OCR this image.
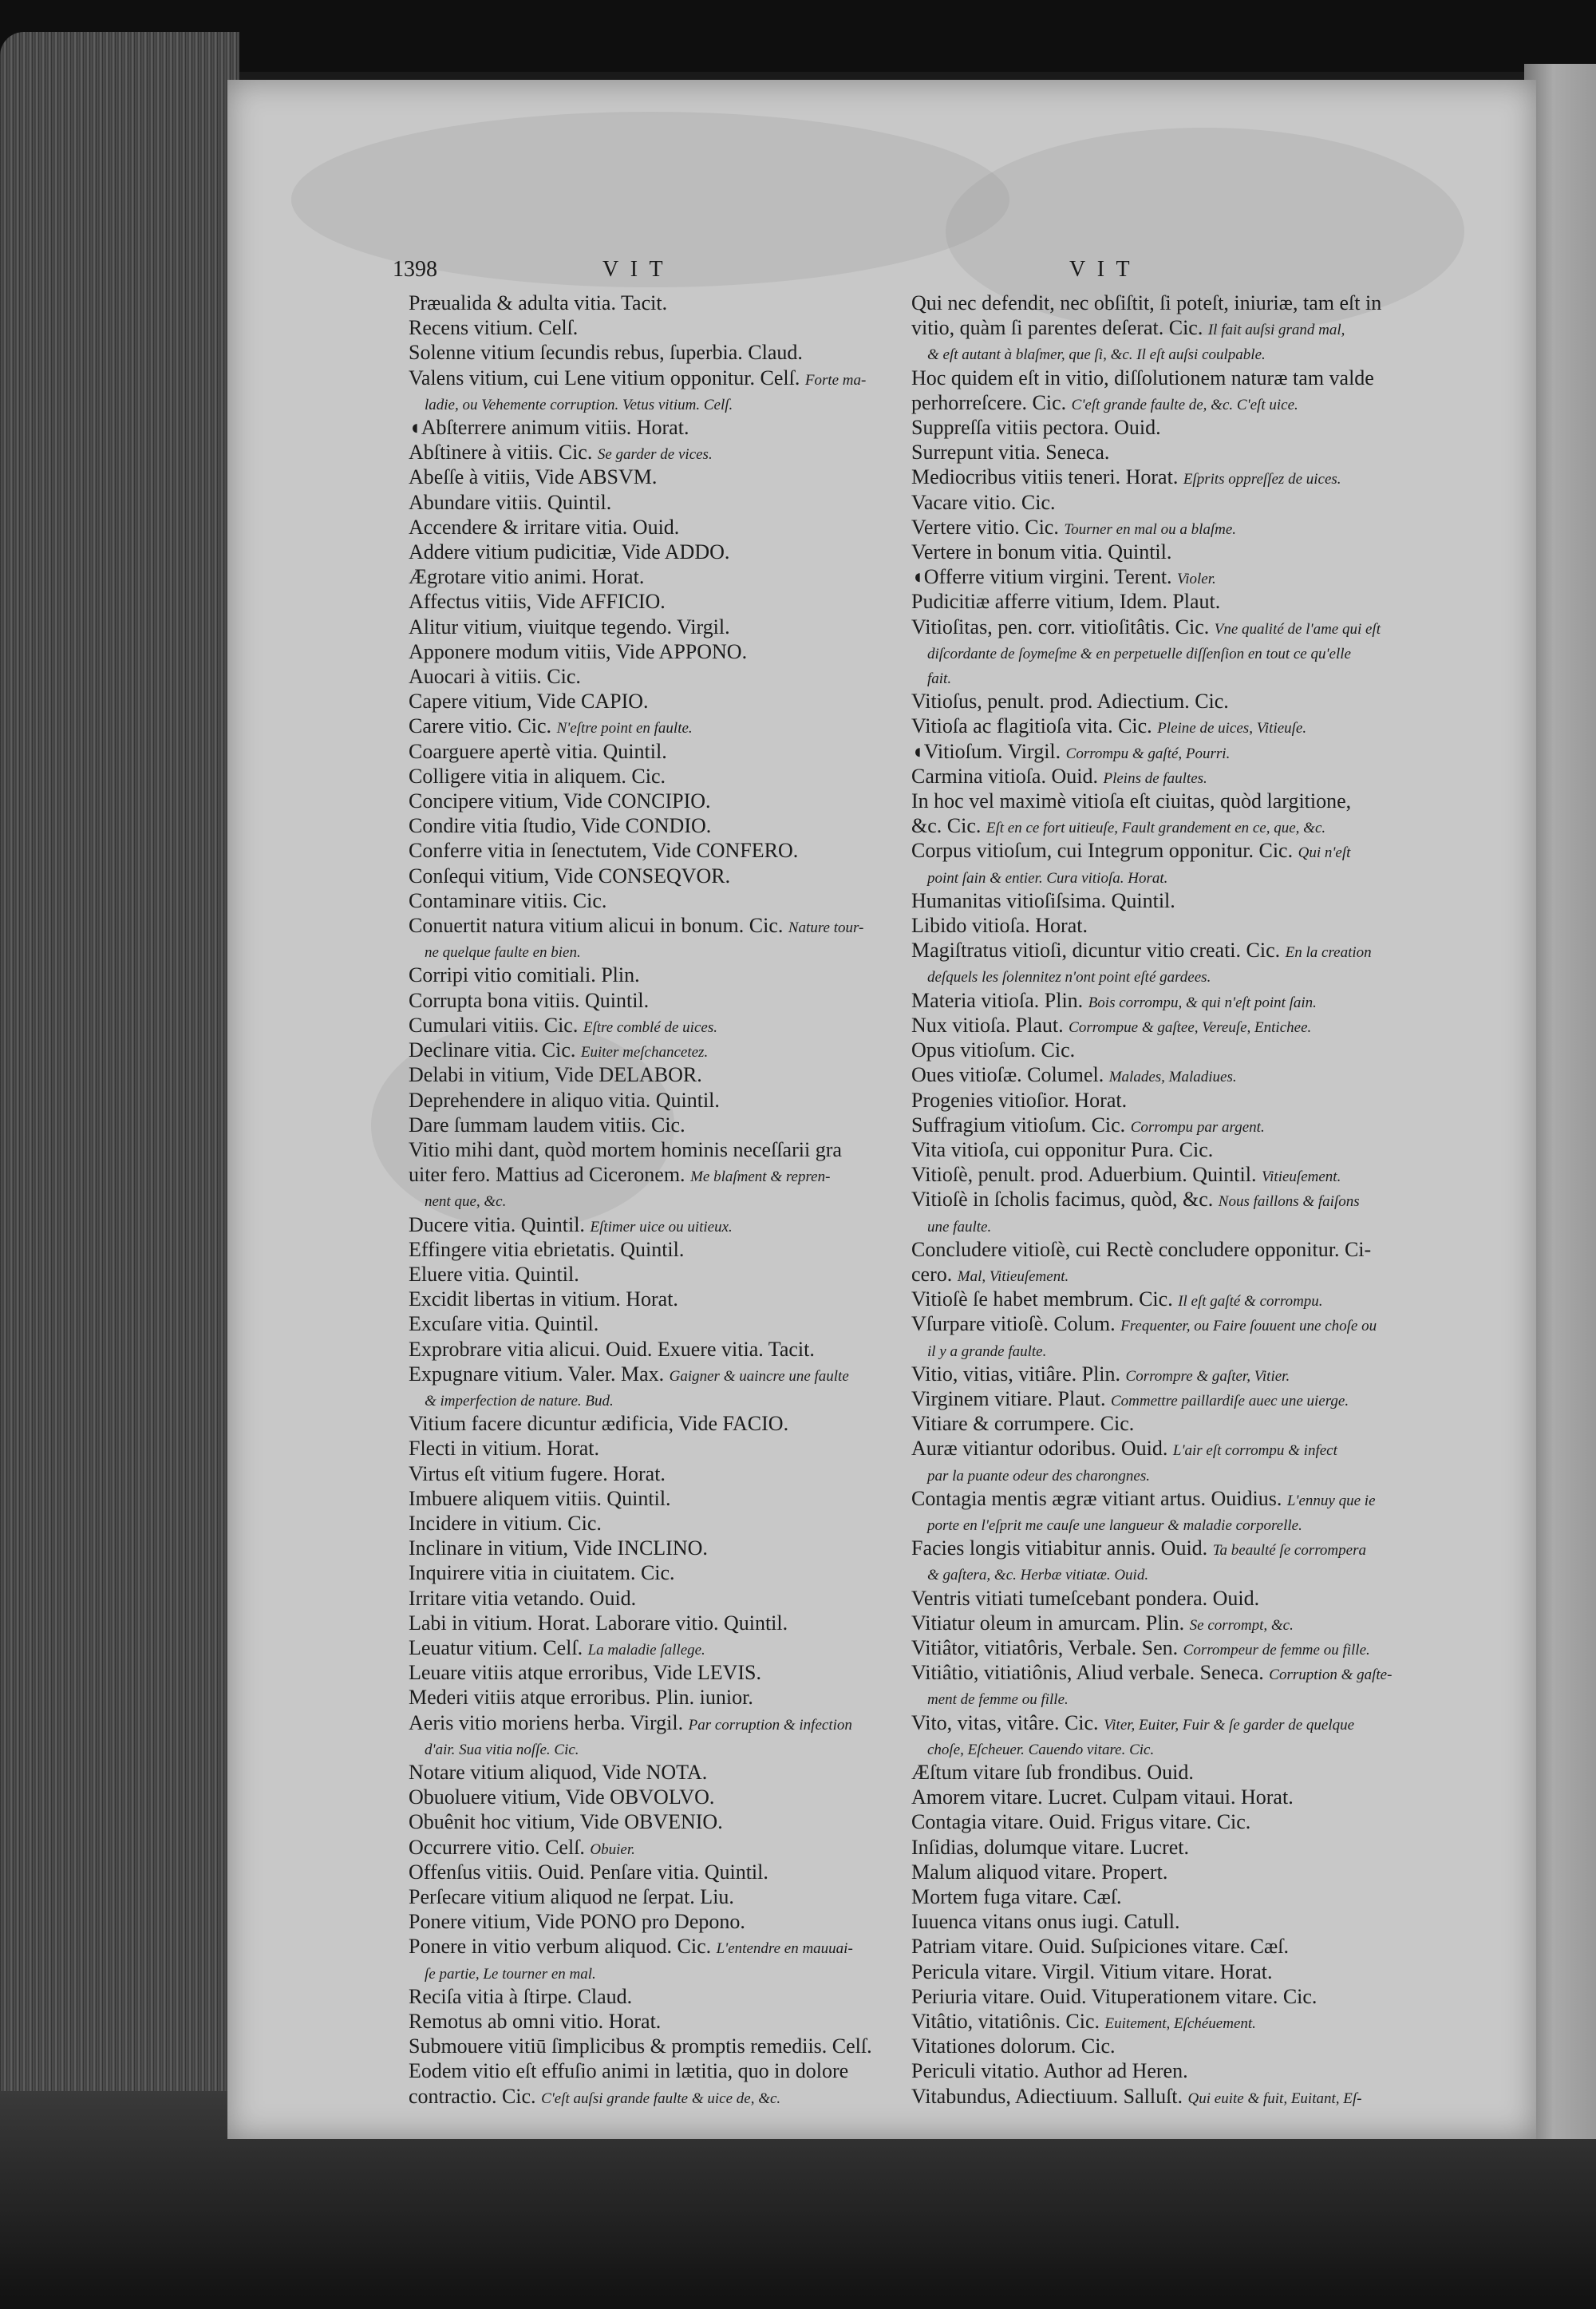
1398	V I T	V I T
Præualida & adulta vitia. Tacit.
Recens vitium. Celſ.
Solenne vitium ſecundis rebus, ſuperbia. Claud.
Valens vitium, cui Lene vitium opponitur. Celſ. Forte ma-
ladie, ou Vehemente corruption. Vetus vitium. Celſ.
◖Abſterrere animum vitiis. Horat.
Abſtinere à vitiis. Cic. Se garder de vices.
Abeſſe à vitiis, Vide ABSVM.
Abundare vitiis. Quintil.
Accendere & irritare vitia. Ouid.
Addere vitium pudicitiæ, Vide ADDO.
Ægrotare vitio animi. Horat.
Affectus vitiis, Vide AFFICIO.
Alitur vitium, viuitque tegendo. Virgil.
Apponere modum vitiis, Vide APPONO.
Auocari à vitiis. Cic.
Capere vitium, Vide CAPIO.
Carere vitio. Cic. N'eſtre point en faulte.
Coarguere apertè vitia. Quintil.
Colligere vitia in aliquem. Cic.
Concipere vitium, Vide CONCIPIO.
Condire vitia ſtudio, Vide CONDIO.
Conferre vitia in ſenectutem, Vide CONFERO.
Conſequi vitium, Vide CONSEQVOR.
Contaminare vitiis. Cic.
Conuertit natura vitium alicui in bonum. Cic. Nature tour-
ne quelque faulte en bien.
Corripi vitio comitiali. Plin.
Corrupta bona vitiis. Quintil.
Cumulari vitiis. Cic. Eſtre comblé de uices.
Declinare vitia. Cic. Euiter meſchancetez.
Delabi in vitium, Vide DELABOR.
Deprehendere in aliquo vitia. Quintil.
Dare ſummam laudem vitiis. Cic.
Vitio mihi dant, quòd mortem hominis neceſſarii gra
uiter fero. Mattius ad Ciceronem. Me blaſment & repren-
nent que, &c.
Ducere vitia. Quintil. Eſtimer uice ou uitieux.
Effingere vitia ebrietatis. Quintil.
Eluere vitia. Quintil.
Excidit libertas in vitium. Horat.
Excuſare vitia. Quintil.
Exprobrare vitia alicui. Ouid. Exuere vitia. Tacit.
Expugnare vitium. Valer. Max. Gaigner & uaincre une faulte
& imperfection de nature. Bud.
Vitium facere dicuntur ædificia, Vide FACIO.
Flecti in vitium. Horat.
Virtus eſt vitium fugere. Horat.
Imbuere aliquem vitiis. Quintil.
Incidere in vitium. Cic.
Inclinare in vitium, Vide INCLINO.
Inquirere vitia in ciuitatem. Cic.
Irritare vitia vetando. Ouid.
Labi in vitium. Horat. Laborare vitio. Quintil.
Leuatur vitium. Celſ. La maladie ſallege.
Leuare vitiis atque erroribus, Vide LEVIS.
Mederi vitiis atque erroribus. Plin. iunior.
Aeris vitio moriens herba. Virgil. Par corruption & infection
d'air. Sua vitia noſſe. Cic.
Notare vitium aliquod, Vide NOTA.
Obuoluere vitium, Vide OBVOLVO.
Obuênit hoc vitium, Vide OBVENIO.
Occurrere vitio. Celſ. Obuier.
Offenſus vitiis. Ouid. Penſare vitia. Quintil.
Perſecare vitium aliquod ne ſerpat. Liu.
Ponere vitium, Vide PONO pro Depono.
Ponere in vitio verbum aliquod. Cic. L'entendre en mauuai-
ſe partie, Le tourner en mal.
Reciſa vitia à ſtirpe. Claud.
Remotus ab omni vitio. Horat.
Submouere vitiū ſimplicibus & promptis remediis. Celſ.
Eodem vitio eſt effuſio animi in lætitia, quo in dolore
contractio. Cic. C'eſt auſsi grande faulte & uice de, &c.
Qui nec defendit, nec obſiſtit, ſi poteſt, iniuriæ, tam eſt in
vitio, quàm ſi parentes deſerat. Cic. Il fait auſsi grand mal,
& eſt autant à blaſmer, que ſi, &c. Il eſt auſsi coulpable.
Hoc quidem eſt in vitio, diſſolutionem naturæ tam valde
perhorreſcere. Cic. C'eſt grande faulte de, &c. C'eſt uice.
Suppreſſa vitiis pectora. Ouid.
Surrepunt vitia. Seneca.
Mediocribus vitiis teneri. Horat. Eſprits oppreſſez de uices.
Vacare vitio. Cic.
Vertere vitio. Cic. Tourner en mal ou a blaſme.
Vertere in bonum vitia. Quintil.
◖Offerre vitium virgini. Terent. Violer.
Pudicitiæ afferre vitium, Idem. Plaut.
Vitioſitas, pen. corr. vitioſitâtis. Cic. Vne qualité de l'ame qui eſt
diſcordante de ſoymeſme & en perpetuelle diſſenſion en tout ce qu'elle
fait.
Vitioſus, penult. prod. Adiectium. Cic.
Vitioſa ac flagitioſa vita. Cic. Pleine de uices, Vitieuſe.
◖Vitioſum. Virgil. Corrompu & gaſté, Pourri.
Carmina vitioſa. Ouid. Pleins de faultes.
In hoc vel maximè vitioſa eſt ciuitas, quòd largitione,
&c. Cic. Eſt en ce fort uitieuſe, Fault grandement en ce, que, &c.
Corpus vitioſum, cui Integrum opponitur. Cic. Qui n'eſt
point ſain & entier. Cura vitioſa. Horat.
Humanitas vitioſiſsima. Quintil.
Libido vitioſa. Horat.
Magiſtratus vitioſi, dicuntur vitio creati. Cic. En la creation
deſquels les ſolennitez n'ont point eſté gardees.
Materia vitioſa. Plin. Bois corrompu, & qui n'eſt point ſain.
Nux vitioſa. Plaut. Corrompue & gaſtee, Vereuſe, Entichee.
Opus vitioſum. Cic.
Oues vitioſæ. Columel. Malades, Maladiues.
Progenies vitioſior. Horat.
Suffragium vitioſum. Cic. Corrompu par argent.
Vita vitioſa, cui opponitur Pura. Cic.
Vitioſè, penult. prod. Aduerbium. Quintil. Vitieuſement.
Vitioſè in ſcholis facimus, quòd, &c. Nous faillons & faiſons
une faulte.
Concludere vitioſè, cui Rectè concludere opponitur. Ci-
cero. Mal, Vitieuſement.
Vitioſè ſe habet membrum. Cic. Il eſt gaſté & corrompu.
Vſurpare vitioſè. Colum. Frequenter, ou Faire ſouuent une choſe ou
il y a grande faulte.
Vitio, vitias, vitiâre. Plin. Corrompre & gaſter, Vitier.
Virginem vitiare. Plaut. Commettre paillardiſe auec une uierge.
Vitiare & corrumpere. Cic.
Auræ vitiantur odoribus. Ouid. L'air eſt corrompu & infect
par la puante odeur des charongnes.
Contagia mentis ægræ vitiant artus. Ouidius. L'ennuy que ie
porte en l'eſprit me cauſe une langueur & maladie corporelle.
Facies longis vitiabitur annis. Ouid. Ta beaulté ſe corrompera
& gaſtera, &c. Herbæ vitiatæ. Ouid.
Ventris vitiati tumeſcebant pondera. Ouid.
Vitiatur oleum in amurcam. Plin. Se corrompt, &c.
Vitiâtor, vitiatôris, Verbale. Sen. Corrompeur de femme ou fille.
Vitiâtio, vitiatiônis, Aliud verbale. Seneca. Corruption & gaſte-
ment de femme ou fille.
Vito, vitas, vitâre. Cic. Viter, Euiter, Fuir & ſe garder de quelque
choſe, Eſcheuer. Cauendo vitare. Cic.
Æſtum vitare ſub frondibus. Ouid.
Amorem vitare. Lucret. Culpam vitaui. Horat.
Contagia vitare. Ouid. Frigus vitare. Cic.
Inſidias, dolumque vitare. Lucret.
Malum aliquod vitare. Propert.
Mortem fuga vitare. Cæſ.
Iuuenca vitans onus iugi. Catull.
Patriam vitare. Ouid. Suſpiciones vitare. Cæſ.
Pericula vitare. Virgil. Vitium vitare. Horat.
Periuria vitare. Ouid. Vituperationem vitare. Cic.
Vitâtio, vitatiônis. Cic. Euitement, Eſchéuement.
Vitationes dolorum. Cic.
Periculi vitatio. Author ad Heren.
Vitabundus, Adiectiuum. Salluſt. Qui euite & fuit, Euitant, Eſ-
